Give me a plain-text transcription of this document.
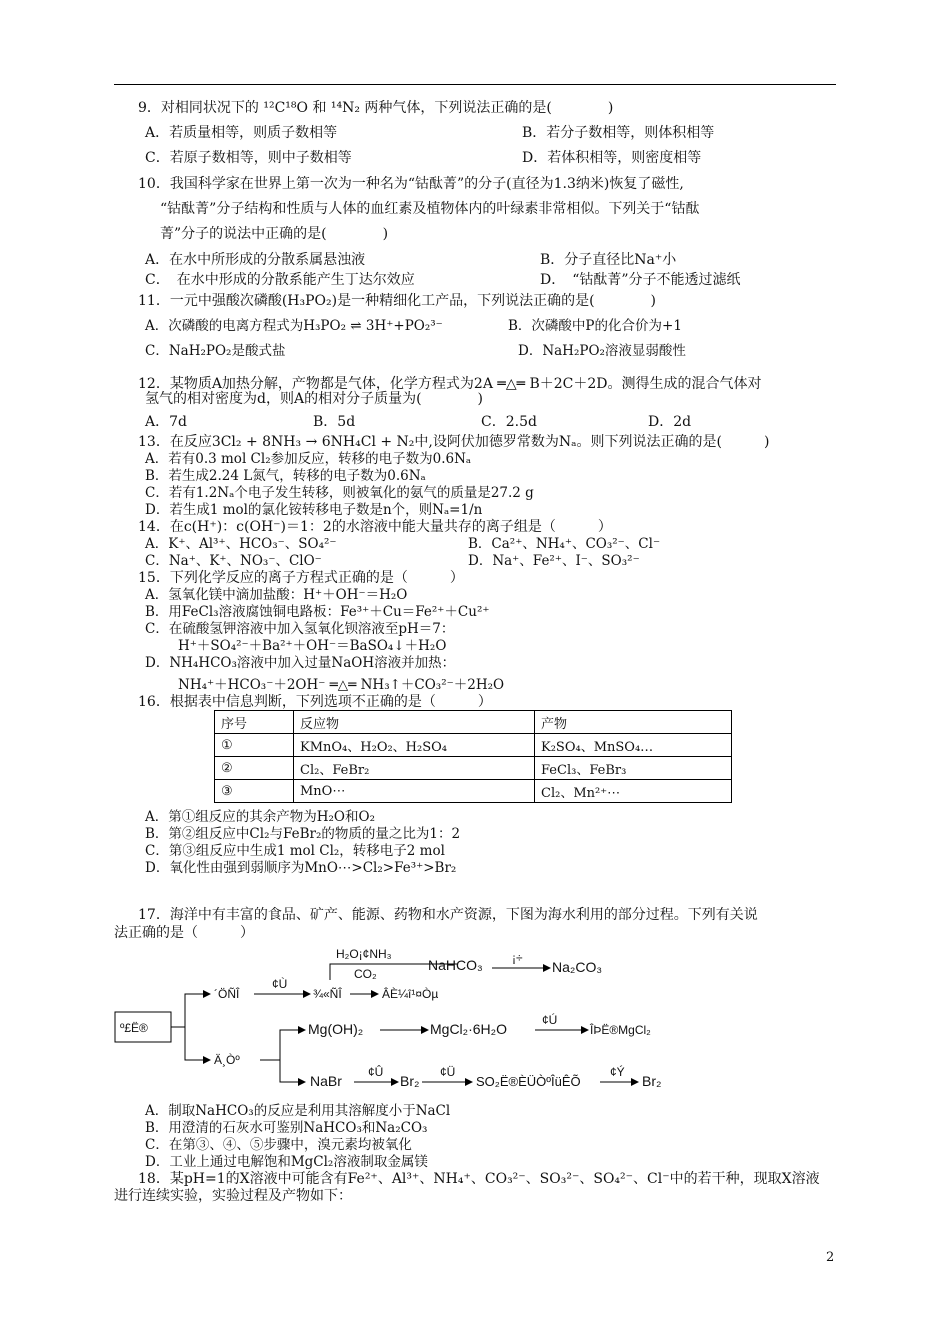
9．对相同状况下的 ¹²C¹⁸O 和 ¹⁴N₂ 两种气体，下列说法正确的是(　　　　)
A．若质量相等，则质子数相等	B．若分子数相等，则体积相等
C．若原子数相等，则中子数相等	D．若体积相等，则密度相等
10．我国科学家在世界上第一次为一种名为“钴酞菁”的分子(直径为1.3纳米)恢复了磁性,
“钴酞菁”分子结构和性质与人体的血红素及植物体内的叶绿素非常相似。下列关于“钴酞
菁”分子的说法中正确的是(　　　　)
A．在水中所形成的分散系属悬浊液	B．分子直径比Na⁺小
C．　在水中形成的分散系能产生丁达尔效应	D．　“钴酞菁”分子不能透过滤纸
11．一元中强酸次磷酸(H₃PO₂)是一种精细化工产品，下列说法正确的是(　　　　)
A．次磷酸的电离方程式为H₃PO₂ ⇌ 3H⁺+PO₂³⁻	B．次磷酸中P的化合价为+1
C．NaH₂PO₂是酸式盐	D．NaH₂PO₂溶液显弱酸性
12．某物质A加热分解，产物都是气体，化学方程式为2A ═△═ B＋2C＋2D。测得生成的混合气体对
氢气的相对密度为d，则A的相对分子质量为(　　　　)
A．7d	B．5d	C．2.5d	D．2d
13．在反应3Cl₂ + 8NH₃ → 6NH₄Cl + N₂中,设阿伏加德罗常数为Nₐ。则下列说法正确的是(　　　)
A．若有0.3 mol Cl₂参加反应，转移的电子数为0.6Nₐ
B．若生成2.24 L氮气，转移的电子数为0.6Nₐ
C．若有1.2Nₐ个电子发生转移，则被氧化的氨气的质量是27.2 g
D．若生成1 mol的氯化铵转移电子数是n个，则Nₐ=1/n
14．在c(H⁺)：c(OH⁻)＝1：2的水溶液中能大量共存的离子组是（　　　）
A．K⁺、Al³⁺、HCO₃⁻、SO₄²⁻	B．Ca²⁺、NH₄⁺、CO₃²⁻、Cl⁻
C．Na⁺、K⁺、NO₃⁻、ClO⁻	D．Na⁺、Fe²⁺、I⁻、SO₃²⁻
15．下列化学反应的离子方程式正确的是（　　　）
A．氢氧化镁中滴加盐酸：H⁺＋OH⁻＝H₂O
B．用FeCl₃溶液腐蚀铜电路板：Fe³⁺＋Cu＝Fe²⁺＋Cu²⁺
C．在硫酸氢钾溶液中加入氢氧化钡溶液至pH＝7：
H⁺＋SO₄²⁻＋Ba²⁺＋OH⁻＝BaSO₄↓＋H₂O
D．NH₄HCO₃溶液中加入过量NaOH溶液并加热：
NH₄⁺＋HCO₃⁻＋2OH⁻ ═△═ NH₃↑＋CO₃²⁻＋2H₂O
16．根据表中信息判断，下列选项不正确的是（　　　）
序号	反应物	产物
①	KMnO₄、H₂O₂、H₂SO₄	K₂SO₄、MnSO₄…
②	Cl₂、FeBr₂	FeCl₃、FeBr₃
③	MnO⋯	Cl₂、Mn²⁺⋯
A．第①组反应的其余产物为H₂O和O₂
B．第②组反应中Cl₂与FeBr₂的物质的量之比为1：2
C．第③组反应中生成1 mol Cl₂，转移电子2 mol
D．氧化性由强到弱顺序为MnO⋯>Cl₂>Fe³⁺>Br₂
17．海洋中有丰富的食品、矿产、能源、药物和水产资源，下图为海水利用的部分过程。下列有关说
法正确的是（　　　）
º£Ë®
´ÖÑÎ
¢Ù
¾«ÑÎ	ÂÈ¼î¹¤Òµ
H₂O¡¢NH₃
CO₂
NaHCO₃ ¡÷
Na₂CO₃
Ä¸Òº
Mg(OH)₂	MgCl₂·6H₂O
¢Ú
ÎÞË®MgCl₂
NaBr
¢Û
Br₂
¢Ü
SO₂Ë®ÈÜÒºÎüÊÕ
¢Ý
Br₂
A．制取NaHCO₃的反应是利用其溶解度小于NaCl
B．用澄清的石灰水可鉴别NaHCO₃和Na₂CO₃
C．在第③、④、⑤步骤中，溴元素均被氧化
D．工业上通过电解饱和MgCl₂溶液制取金属镁
18．某pH=1的X溶液中可能含有Fe²⁺、Al³⁺、NH₄⁺、CO₃²⁻、SO₃²⁻、SO₄²⁻、Cl⁻中的若干种，现取X溶液
进行连续实验，实验过程及产物如下：
2
